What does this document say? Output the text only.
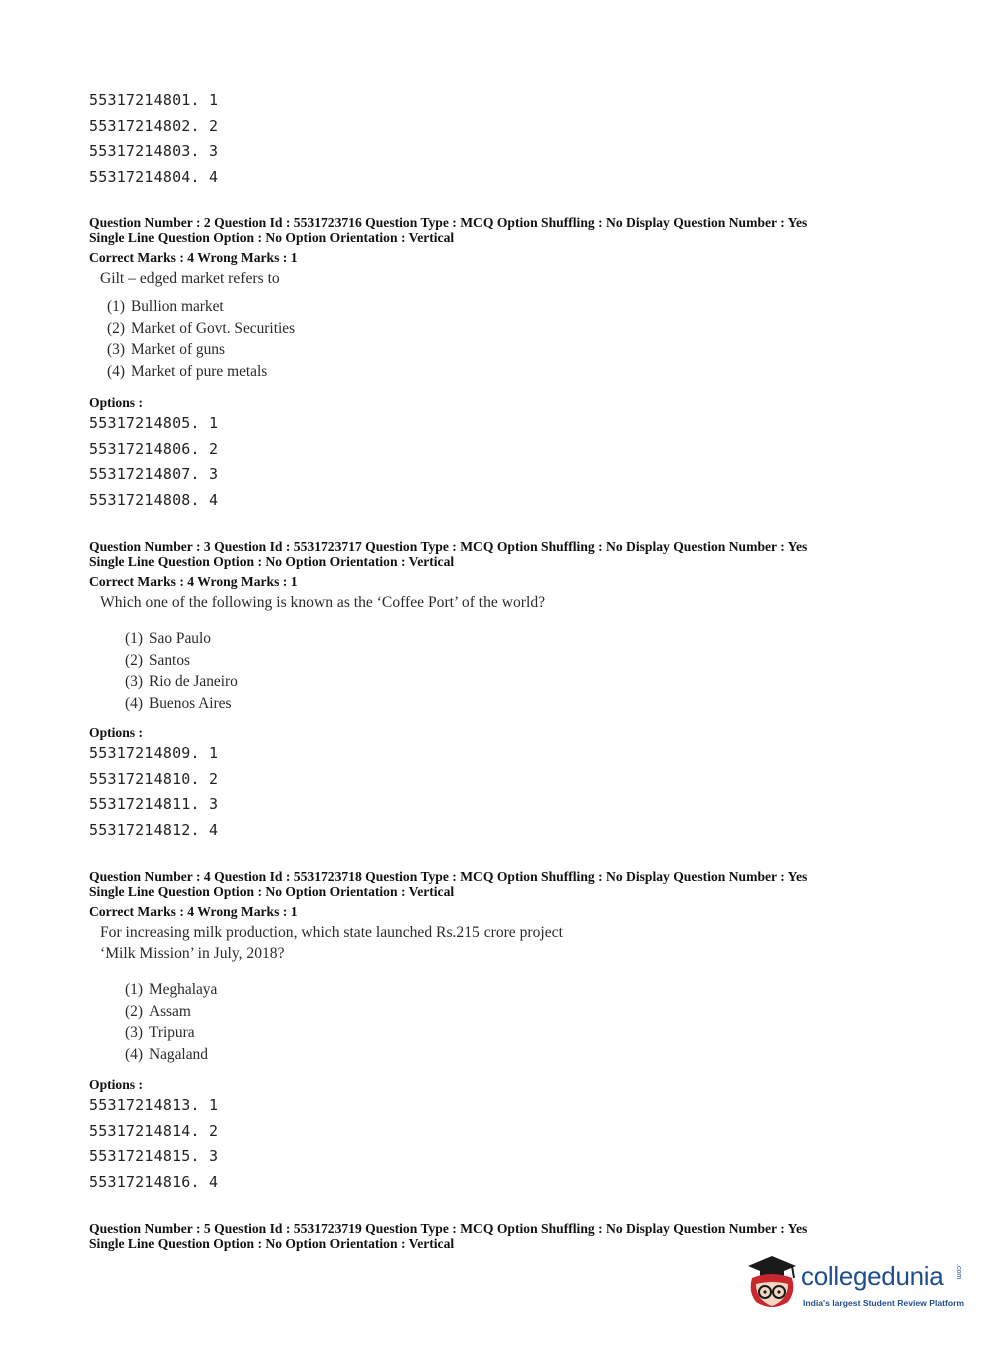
55317214801. 1
55317214802. 2
55317214803. 3
55317214804. 4
Question Number : 2 Question Id : 5531723716 Question Type : MCQ Option Shuffling : No Display Question Number : Yes
Single Line Question Option : No Option Orientation : Vertical
Correct Marks : 4 Wrong Marks : 1
Gilt – edged market refers to
(1) Bullion market
(2) Market of Govt. Securities
(3) Market of guns
(4) Market of pure metals
Options :
55317214805. 1
55317214806. 2
55317214807. 3
55317214808. 4
Question Number : 3 Question Id : 5531723717 Question Type : MCQ Option Shuffling : No Display Question Number : Yes
Single Line Question Option : No Option Orientation : Vertical
Correct Marks : 4 Wrong Marks : 1
Which one of the following is known as the ‘Coffee Port’ of the world?
(1) Sao Paulo
(2) Santos
(3) Rio de Janeiro
(4) Buenos Aires
Options :
55317214809. 1
55317214810. 2
55317214811. 3
55317214812. 4
Question Number : 4 Question Id : 5531723718 Question Type : MCQ Option Shuffling : No Display Question Number : Yes
Single Line Question Option : No Option Orientation : Vertical
Correct Marks : 4 Wrong Marks : 1
For increasing milk production, which state launched Rs.215 crore project
‘Milk Mission’ in July, 2018?
(1) Meghalaya
(2) Assam
(3) Tripura
(4) Nagaland
Options :
55317214813. 1
55317214814. 2
55317214815. 3
55317214816. 4
Question Number : 5 Question Id : 5531723719 Question Type : MCQ Option Shuffling : No Display Question Number : Yes
Single Line Question Option : No Option Orientation : Vertical
collegedunia .com
India's largest Student Review Platform
